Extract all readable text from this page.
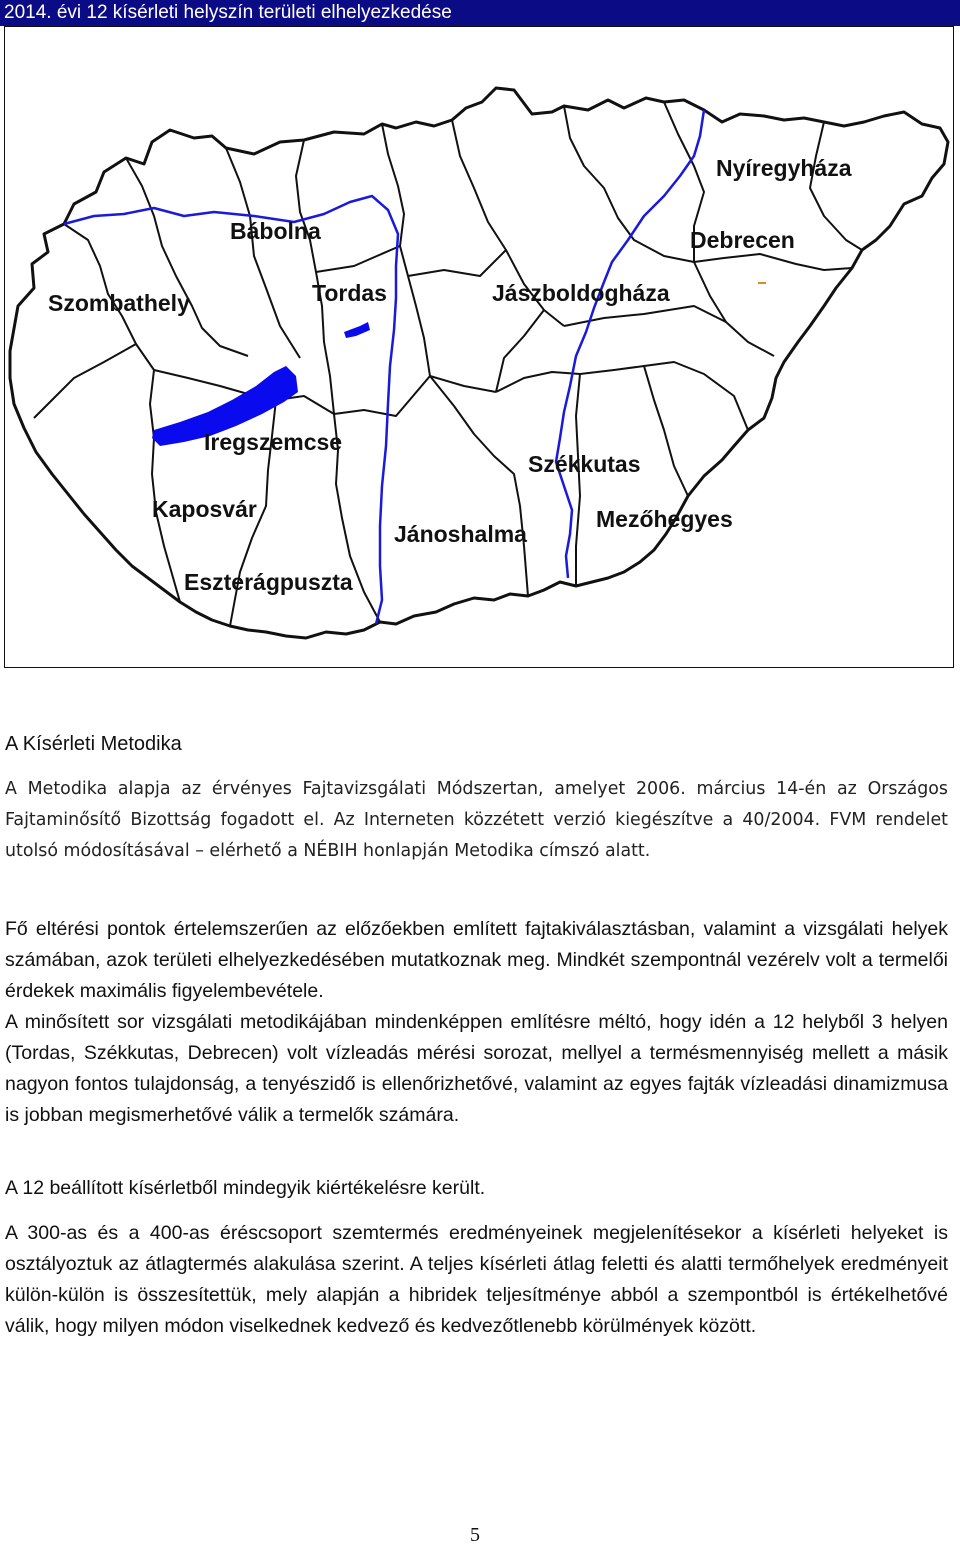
2014. évi 12 kísérleti helyszín területi elhelyezkedése
Nyíregyháza
Bábolna	Debrecen
Szombathely	Tordas	Jászboldogháza
Iregszemcse
Székkutas
Kaposvár	Mezőhegyes
Jánoshalma
Eszterágpuszta
A Kísérleti Metodika

A Metodika alapja az érvényes Fajtavizsgálati Módszertan, amelyet 2006. március 14-én az Országos Fajtaminősítő Bizottság fogadott el. Az Interneten közzétett verzió kiegészítve a 40/2004. FVM rendelet utolsó módosításával – elérhető a NÉBIH honlapján Metodika címszó alatt.

Fő eltérési pontok értelemszerűen az előzőekben említett fajtakiválasztásban, valamint a vizsgálati helyek számában, azok területi elhelyezkedésében mutatkoznak meg. Mindkét szempontnál vezérelv volt a termelői érdekek maximális figyelembevétele.

A minősített sor vizsgálati metodikájában mindenképpen említésre méltó, hogy idén a 12 helyből 3 helyen (Tordas, Székkutas, Debrecen) volt vízleadás mérési sorozat, mellyel a termésmennyiség mellett a másik nagyon fontos tulajdonság, a tenyészidő is ellenőrizhetővé, valamint az egyes fajták vízleadási dinamizmusa is jobban megismerhetővé válik a termelők számára.

A 12 beállított kísérletből mindegyik kiértékelésre került.

A 300-as és a 400-as éréscsoport szemtermés eredményeinek megjelenítésekor a kísérleti helyeket is osztályoztuk az átlagtermés alakulása szerint. A teljes kísérleti átlag feletti és alatti termőhelyek eredményeit külön-külön is összesítettük, mely alapján a hibridek teljesítménye abból a szempontból is értékelhetővé válik, hogy milyen módon viselkednek kedvező és kedvezőtlenebb körülmények között.

5
